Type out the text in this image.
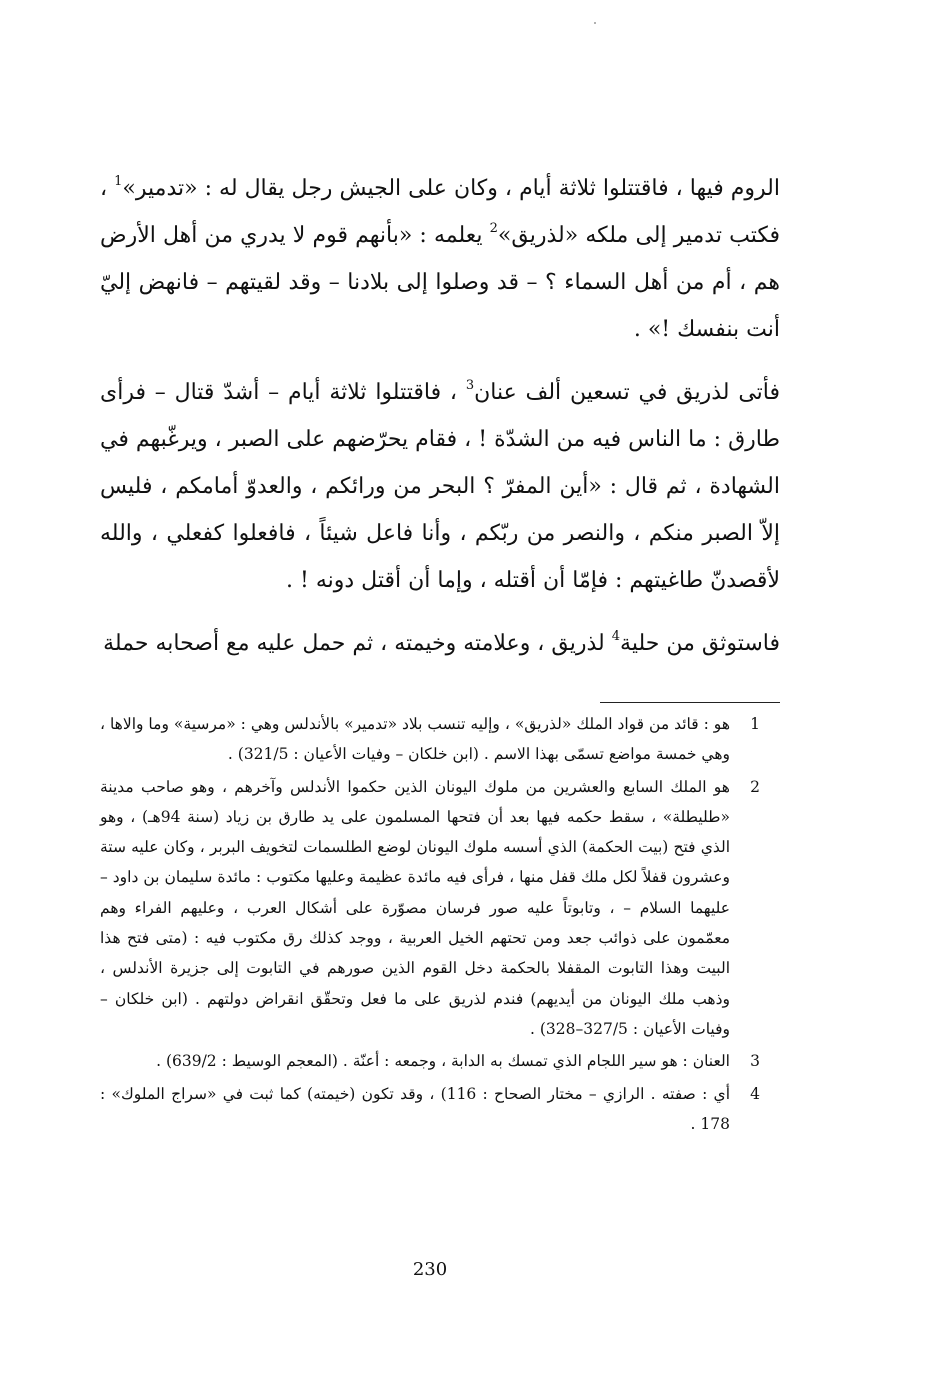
الروم فيها ، فاقتتلوا ثلاثة أيام ، وكان على الجيش رجل يقال له : «تدمير»$^1$ ، فكتب تدمير إلى ملكه «لذريق»$^2$ يعلمه : «بأنهم قوم لا يدري من أهل الأرض هم ، أم من أهل السماء ؟ – قد وصلوا إلى بلادنا – وقد لقيتهم – فانهض إليّ أنت بنفسك !» .

فأتى لذريق في تسعين ألف عنان$^3$ ، فاقتتلوا ثلاثة أيام – أشدّ قتال – فرأى طارق : ما الناس فيه من الشدّة ! ، فقام يحرّضهم على الصبر ، ويرغّبهم في الشهادة ، ثم قال : «أين المفرّ ؟ البحر من ورائكم ، والعدوّ أمامكم ، فليس إلاّ الصبر منكم ، والنصر من ربّكم ، وأنا فاعل شيئاً ، فافعلوا كفعلي ، والله لأقصدنّ طاغيتهم : فإمّا أن أقتله ، وإما أن أقتل دونه ! .

فاستوثق من حلية$^4$ لذريق ، وعلامته وخيمته ، ثم حمل عليه مع أصحابه حملة

1
هو : قائد من قواد الملك «لذريق» ، وإليه تنسب بلاد «تدمير» بالأندلس وهي : «مرسية» وما والاها ، وهي خمسة مواضع تسمّى بهذا الاسم . (ابن خلكان – وفيات الأعيان : 321/5) .
2
هو الملك السابع والعشرين من ملوك اليونان الذين حكموا الأندلس وآخرهم ، وهو صاحب مدينة «طليطلة» ، سقط حكمه فيها بعد أن فتحها المسلمون على يد طارق بن زياد (سنة 94هـ) ، وهو الذي فتح (بيت الحكمة) الذي أسسه ملوك اليونان لوضع الطلسمات لتخويف البربر ، وكان عليه ستة وعشرون قفلاً لكل ملك قفل منها ، فرأى فيه مائدة عظيمة وعليها مكتوب : مائدة سليمان بن داود – عليهما السلام – ، وتابوتاً عليه صور فرسان مصوّرة على أشكال العرب ، وعليهم الفراء وهم معمّمون على ذوائب جعد ومن تحتهم الخيل العربية ، ووجد كذلك رق مكتوب فيه : (متى فتح هذا البيت وهذا التابوت المقفلا بالحكمة دخل القوم الذين صورهم في التابوت إلى جزيرة الأندلس ، وذهب ملك اليونان من أيديهم) فندم لذريق على ما فعل وتحقّق انقراض دولتهم . (ابن خلكان – وفيات الأعيان : 327/5–328) .
3
العنان : هو سير اللجام الذي تمسك به الدابة ، وجمعه : أعنّة . (المعجم الوسيط : 639/2) .
4
أي : صفته . الرازي – مختار الصحاح : 116) ، وقد تكون (خيمته) كما ثبت في «سراج الملوك» : 178 .
230
